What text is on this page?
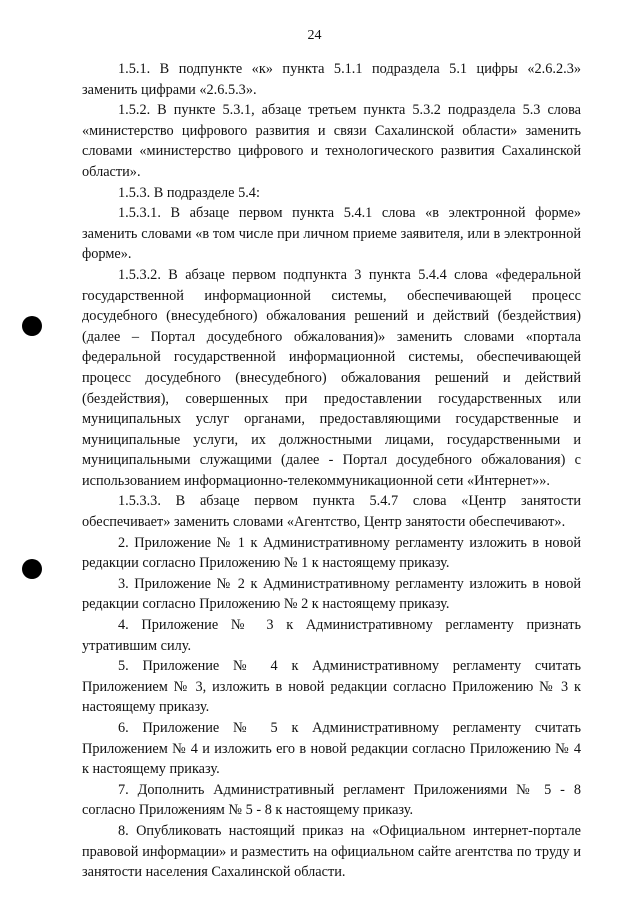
24

1.5.1. В подпункте «к» пункта 5.1.1 подраздела 5.1 цифры «2.6.2.3» заменить цифрами «2.6.5.3».

1.5.2. В пункте 5.3.1, абзаце третьем пункта 5.3.2 подраздела 5.3 слова «министерство цифрового развития и связи Сахалинской области» заменить словами «министерство цифрового и технологического развития Сахалинской области».

1.5.3. В подразделе 5.4:

1.5.3.1. В абзаце первом пункта 5.4.1 слова «в электронной форме» заменить словами «в том числе при личном приеме заявителя, или в электронной форме».

1.5.3.2. В абзаце первом подпункта 3 пункта 5.4.4 слова «федеральной государственной информационной системы, обеспечивающей процесс досудебного (внесудебного) обжалования решений и действий (бездействия) (далее – Портал досудебного обжалования)» заменить словами «портала федеральной государственной информационной системы, обеспечивающей процесс досудебного (внесудебного) обжалования решений и действий (бездействия), совершенных при предоставлении государственных или муниципальных услуг органами, предоставляющими государственные и муниципальные услуги, их должностными лицами, государственными и муниципальными служащими (далее - Портал досудебного обжалования) с использованием информационно-телекоммуникационной сети «Интернет»».

1.5.3.3. В абзаце первом пункта 5.4.7 слова «Центр занятости обеспечивает» заменить словами «Агентство, Центр занятости обеспечивают».

2. Приложение № 1 к Административному регламенту изложить в новой редакции согласно Приложению № 1 к настоящему приказу.

3. Приложение № 2 к Административному регламенту изложить в новой редакции согласно Приложению № 2 к настоящему приказу.

4. Приложение № 3 к Административному регламенту признать утратившим силу.

5. Приложение № 4 к Административному регламенту считать Приложением № 3, изложить в новой редакции согласно Приложению № 3 к настоящему приказу.

6. Приложение № 5 к Административному регламенту считать Приложением № 4 и изложить его в новой редакции согласно Приложению № 4 к настоящему приказу.

7. Дополнить Административный регламент Приложениями № 5 - 8 согласно Приложениям № 5 - 8 к настоящему приказу.

8. Опубликовать настоящий приказ на «Официальном интернет-портале правовой информации» и разместить на официальном сайте агентства по труду и занятости населения Сахалинской области.
